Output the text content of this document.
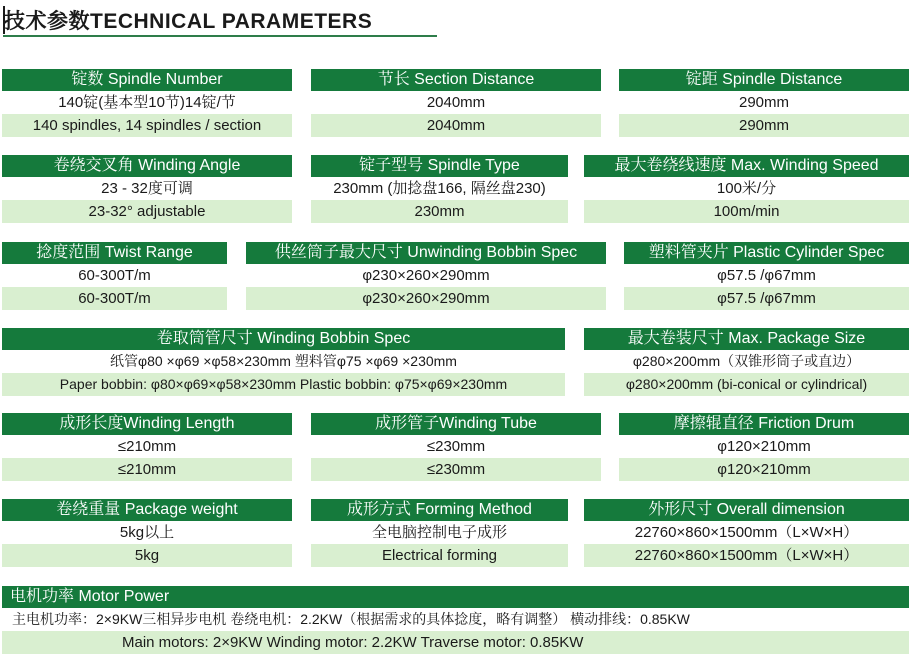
技术参数TECHNICAL PARAMETERS
锭数 Spindle Number
140锭(基本型10节)14锭/节
140 spindles, 14 spindles / section
节长 Section Distance
2040mm
2040mm
锭距 Spindle Distance
290mm
290mm
卷绕交叉角 Winding Angle
23 - 32度可调
23-32° adjustable
锭子型号 Spindle Type
230mm (加捻盘166, 隔丝盘230)
230mm
最大卷绕线速度 Max. Winding Speed
100米/分
100m/min
捻度范围 Twist Range
60-300T/m
60-300T/m
供丝筒子最大尺寸 Unwinding Bobbin Spec
φ230×260×290mm
φ230×260×290mm
塑料管夹片 Plastic Cylinder Spec
φ57.5 /φ67mm
φ57.5 /φ67mm
卷取筒管尺寸 Winding Bobbin Spec
纸管φ80 ×φ69 ×φ58×230mm 塑料管φ75 ×φ69 ×230mm
Paper bobbin: φ80×φ69×φ58×230mm Plastic bobbin: φ75×φ69×230mm
最大卷装尺寸 Max. Package Size
φ280×200mm（双锥形筒子或直边）
φ280×200mm (bi-conical or cylindrical)
成形长度Winding Length
≤210mm
≤210mm
成形管子Winding Tube
≤230mm
≤230mm
摩擦辊直径 Friction Drum
φ120×210mm
φ120×210mm
卷绕重量 Package weight
5kg以上
5kg
成形方式 Forming Method
全电脑控制电子成形
Electrical forming
外形尺寸 Overall dimension
22760×860×1500mm（L×W×H）
22760×860×1500mm（L×W×H）
电机功率 Motor Power
主电机功率：2×9KW三相异步电机 卷绕电机：2.2KW（根据需求的具体捻度，略有调整） 横动排线：0.85KW
Main motors: 2×9KW Winding motor: 2.2KW Traverse motor: 0.85KW
